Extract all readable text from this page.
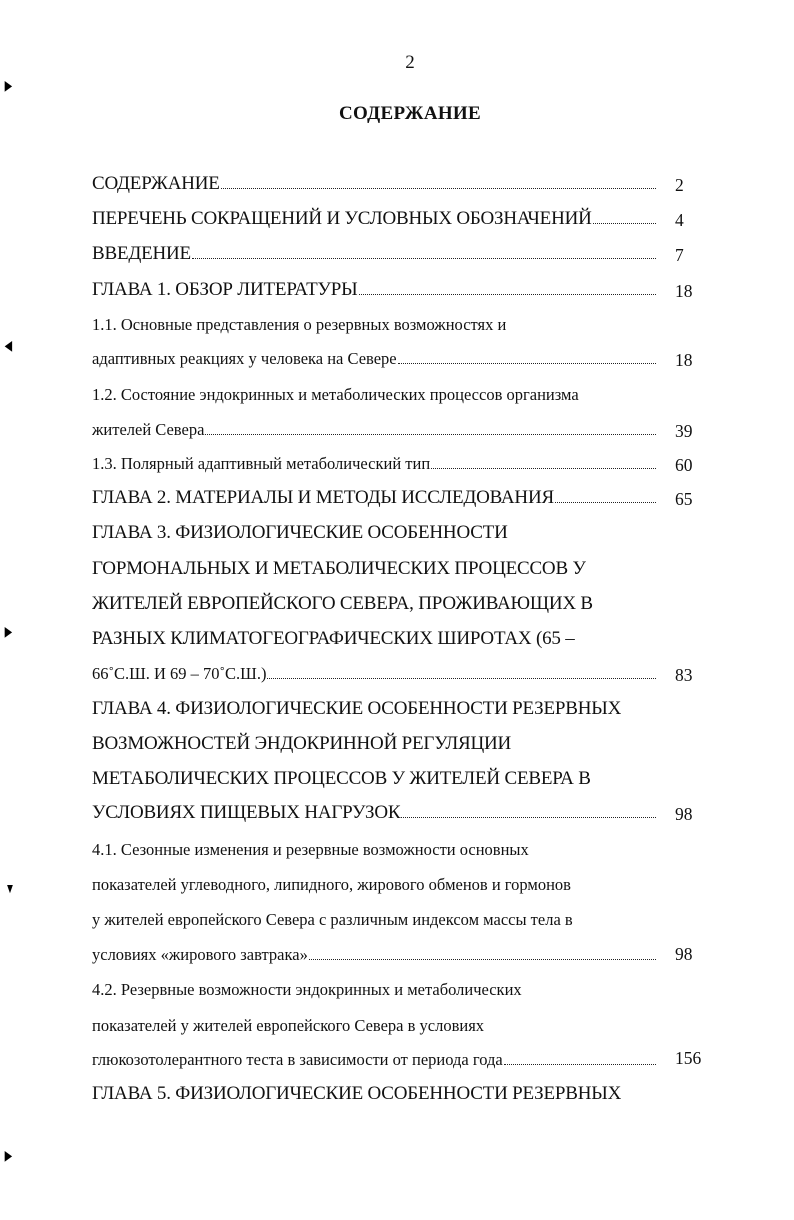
2
СОДЕРЖАНИЕ
▶
◀
▶
▼
▶
СОДЕРЖАНИЕ	2
ПЕРЕЧЕНЬ СОКРАЩЕНИЙ И УСЛОВНЫХ ОБОЗНАЧЕНИЙ	4
ВВЕДЕНИЕ	7
ГЛАВА 1. ОБЗОР ЛИТЕРАТУРЫ	18
1.1. Основные представления о резервных возможностях и
адаптивных реакциях у человека на Севере	18
1.2. Состояние эндокринных и метаболических процессов организма
жителей Севера	39
1.3. Полярный адаптивный метаболический тип	60
ГЛАВА 2. МАТЕРИАЛЫ И МЕТОДЫ ИССЛЕДОВАНИЯ	65
ГЛАВА 3. ФИЗИОЛОГИЧЕСКИЕ ОСОБЕННОСТИ
ГОРМОНАЛЬНЫХ И МЕТАБОЛИЧЕСКИХ ПРОЦЕССОВ У
ЖИТЕЛЕЙ ЕВРОПЕЙСКОГО СЕВЕРА, ПРОЖИВАЮЩИХ В
РАЗНЫХ КЛИМАТОГЕОГРАФИЧЕСКИХ ШИРОТАХ (65 –
66˚С.Ш. И 69 – 70˚С.Ш.)	83
ГЛАВА 4. ФИЗИОЛОГИЧЕСКИЕ ОСОБЕННОСТИ РЕЗЕРВНЫХ
ВОЗМОЖНОСТЕЙ ЭНДОКРИННОЙ РЕГУЛЯЦИИ
МЕТАБОЛИЧЕСКИХ ПРОЦЕССОВ У ЖИТЕЛЕЙ СЕВЕРА В
УСЛОВИЯХ ПИЩЕВЫХ НАГРУЗОК	98
4.1. Сезонные изменения и резервные возможности основных
показателей углеводного, липидного, жирового обменов и гормонов
у жителей европейского Севера с различным индексом массы тела в
условиях «жирового завтрака»	98
4.2. Резервные возможности эндокринных и метаболических
показателей у жителей европейского Севера в условиях
глюкозотолерантного теста в зависимости от периода года	156
ГЛАВА 5. ФИЗИОЛОГИЧЕСКИЕ ОСОБЕННОСТИ РЕЗЕРВНЫХ
